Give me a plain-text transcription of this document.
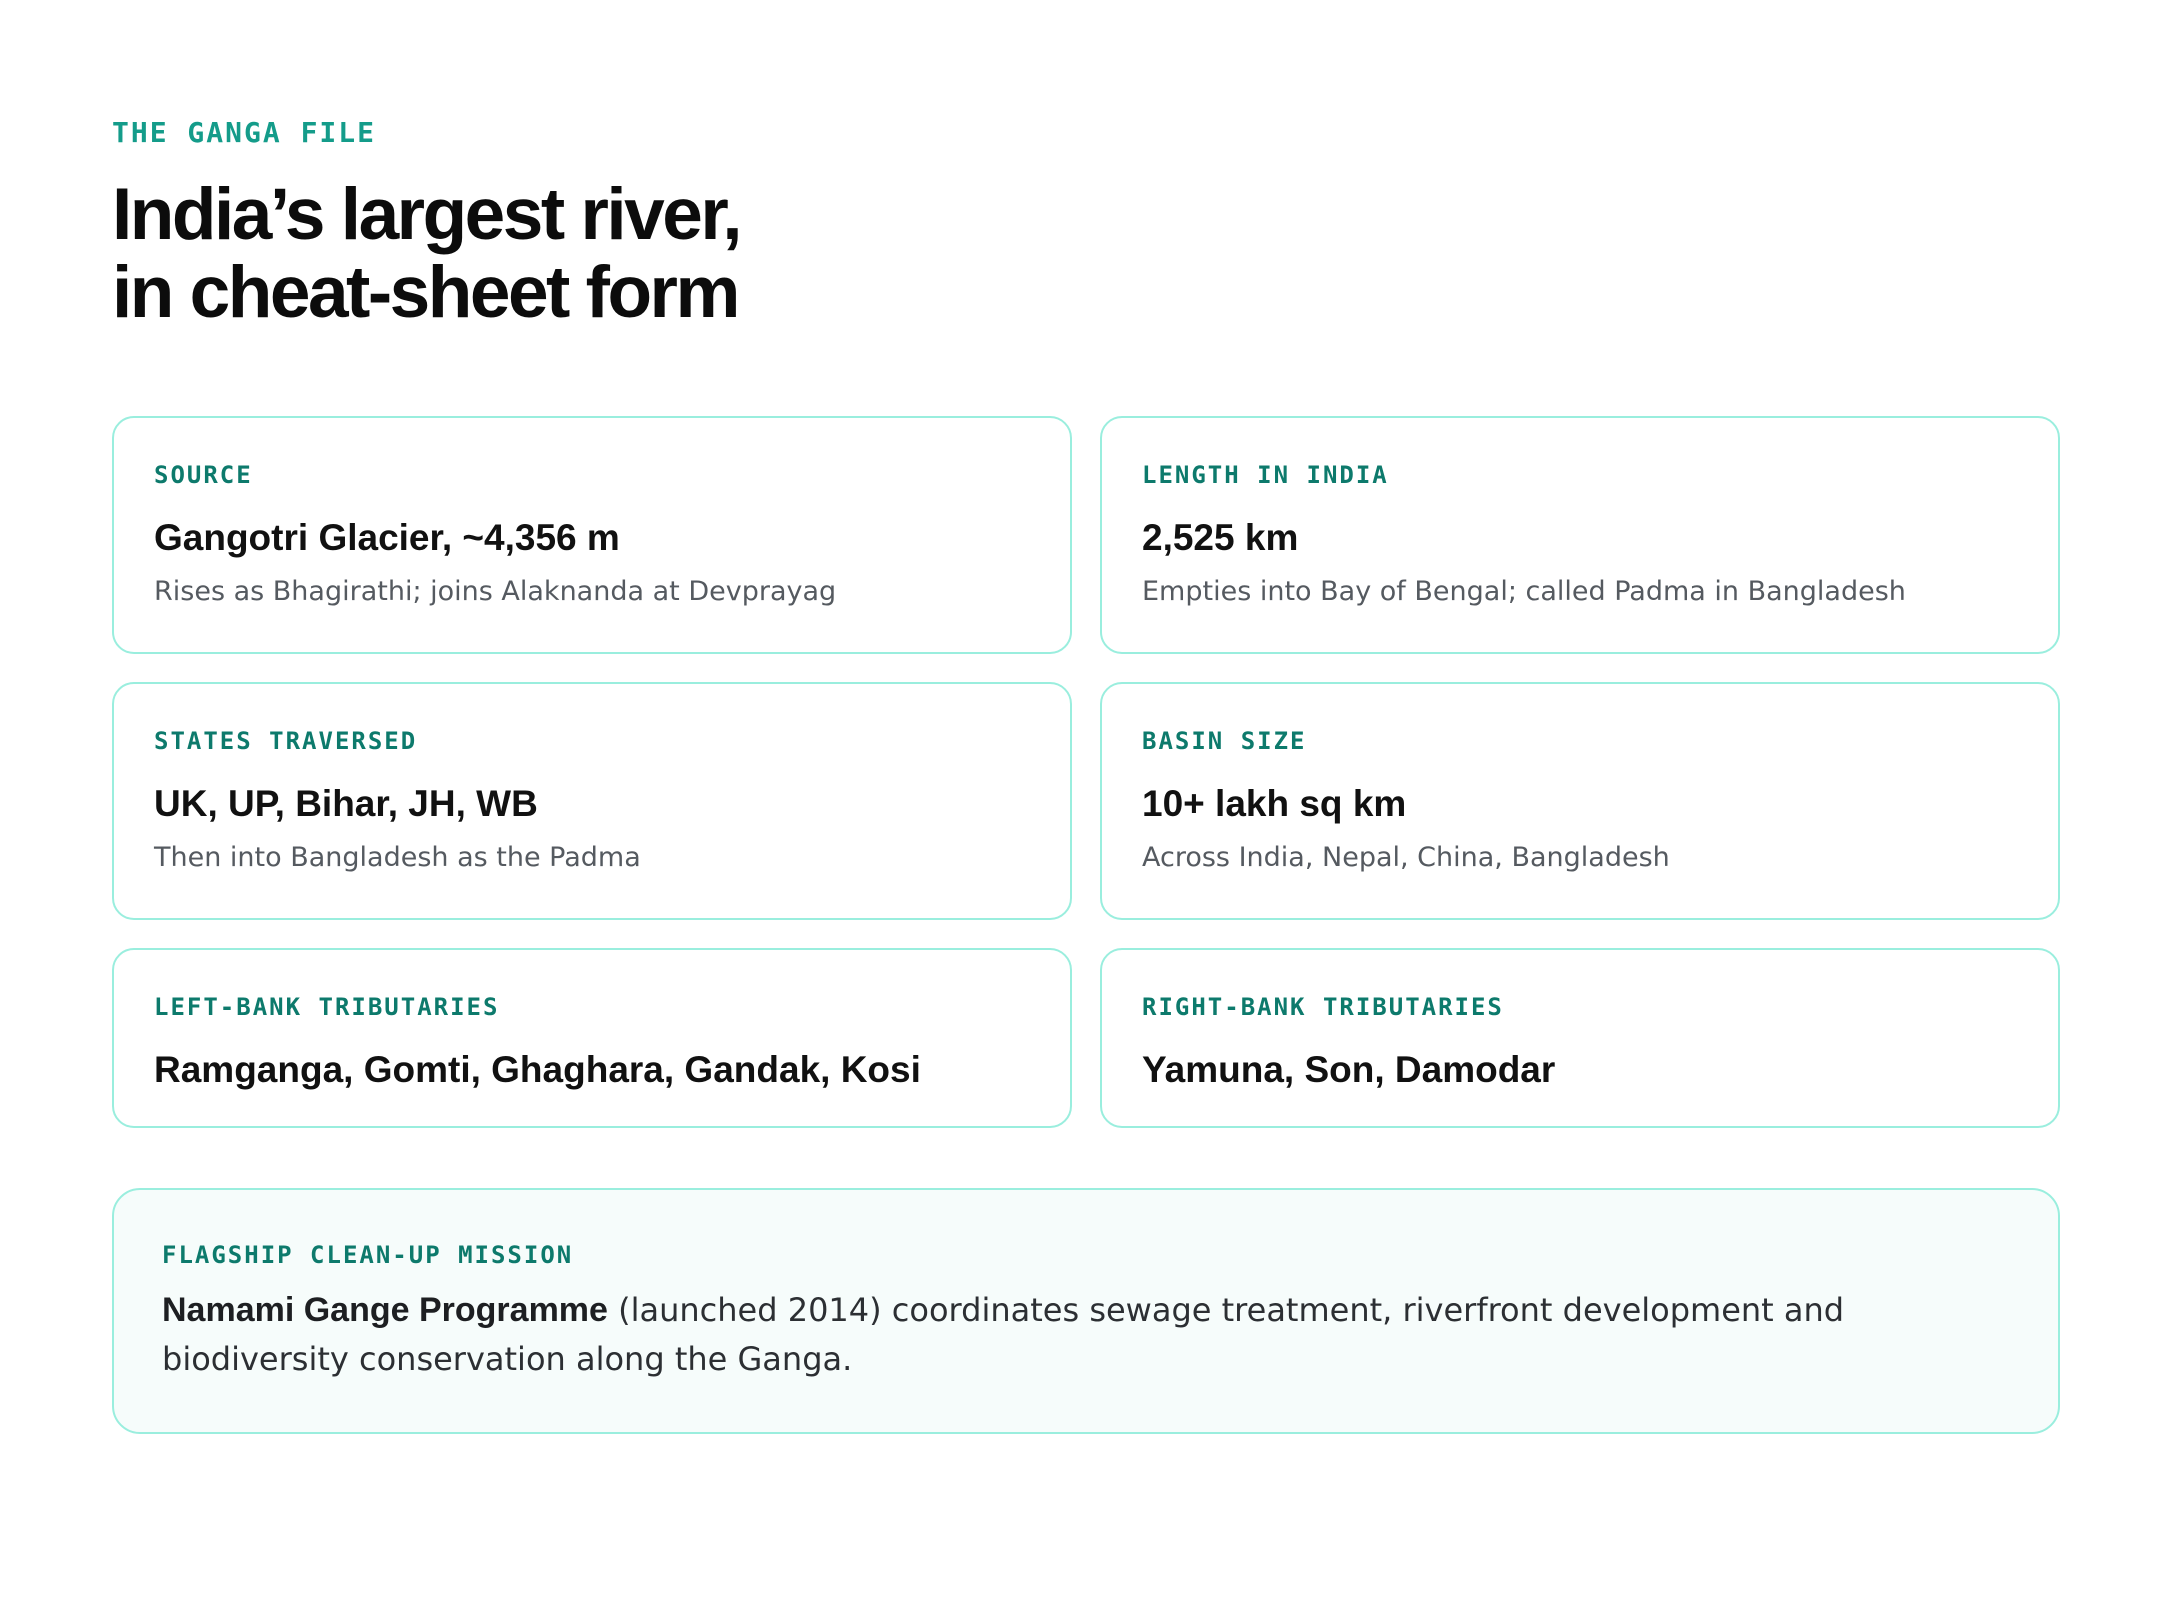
THE GANGA FILE
India’s largest river,
in cheat-sheet form
SOURCE
Gangotri Glacier, ~4,356 m
Rises as Bhagirathi; joins Alaknanda at Devprayag
LENGTH IN INDIA
2,525 km
Empties into Bay of Bengal; called Padma in Bangladesh
STATES TRAVERSED
UK, UP, Bihar, JH, WB
Then into Bangladesh as the Padma
BASIN SIZE
10+ lakh sq km
Across India, Nepal, China, Bangladesh
LEFT-BANK TRIBUTARIES
Ramganga, Gomti, Ghaghara, Gandak, Kosi
RIGHT-BANK TRIBUTARIES
Yamuna, Son, Damodar
FLAGSHIP CLEAN-UP MISSION
Namami Gange Programme (launched 2014) coordinates sewage treatment, riverfront development and biodiversity conservation along the Ganga.
